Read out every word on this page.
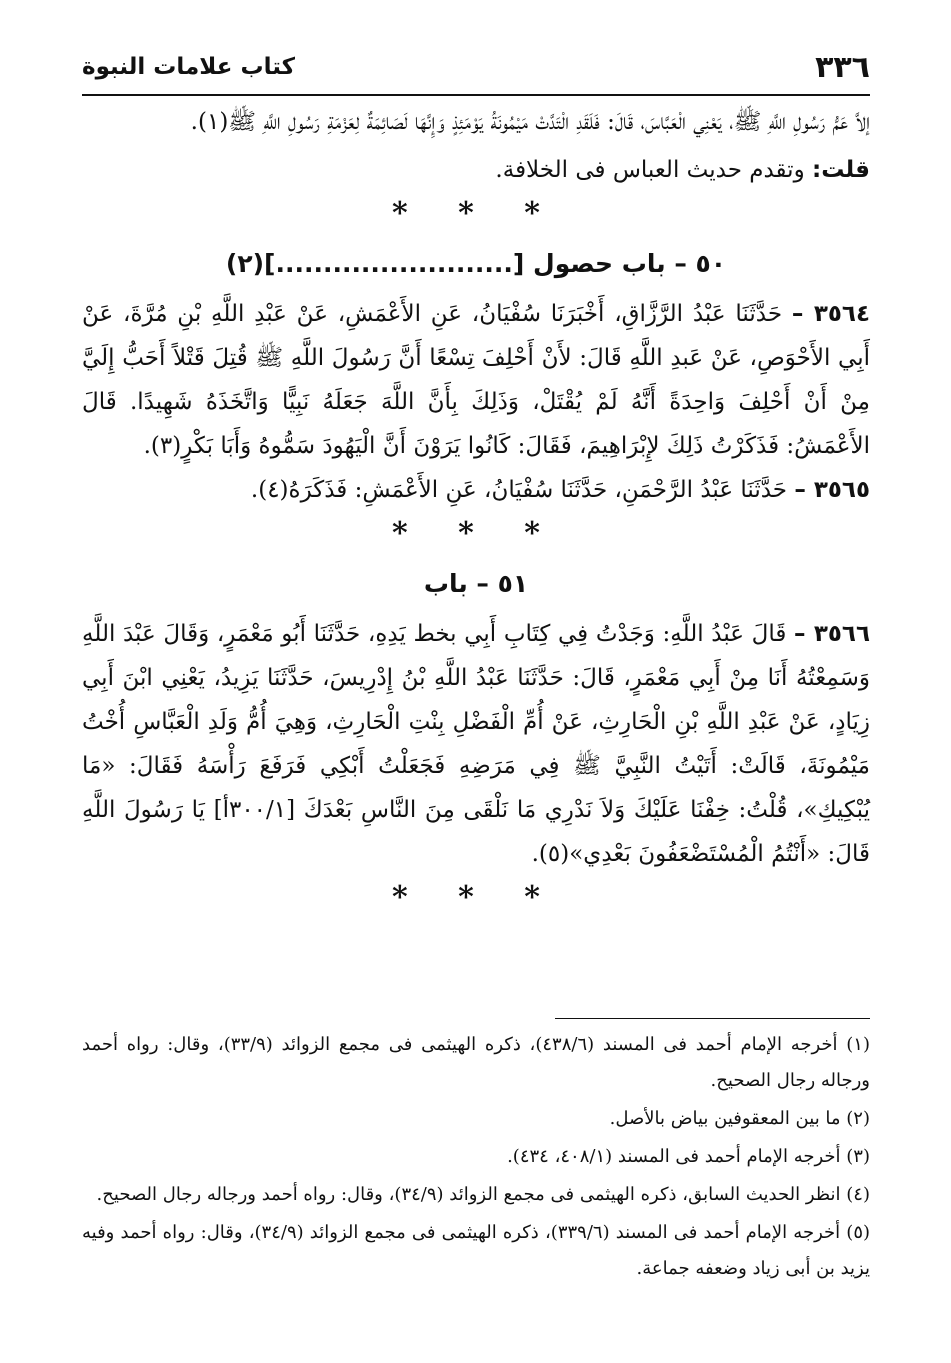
٣٣٦
كتاب علامات النبوة

إلاَّ عَمُّ رَسُولِ اللَّهِ ﷺ، يَعْنِي الْعَبَّاسَ، قَالَ: فَلَقَدِ الْتَدَّتْ مَيْمُونَةُ يَوْمَئِذٍ وَإِنَّهَا لَصَائِمَةٌ لِعَزْمَةِ رَسُولِ اللَّهِ ﷺ(١).

قلت: وتقدم حديث العباس فى الخلافة.

* * *
٥٠ – باب حصول [.........................](٢)

٣٥٦٤ – حَدَّثَنَا عَبْدُ الرَّزَّاقِ، أَخْبَرَنَا سُفْيَانُ، عَنِ الأَعْمَشِ، عَنْ عَبْدِ اللَّهِ بْنِ مُرَّةَ، عَنْ أَبِي الأَحْوَصِ، عَنْ عَبدِ اللَّهِ قَالَ: لأَنْ أَحْلِفَ تِسْعًا أَنَّ رَسُولَ اللَّهِ ﷺ قُتِلَ قَتْلاً أَحَبُّ إِلَيَّ مِنْ أَنْ أَحْلِفَ وَاحِدَةً أَنَّهُ لَمْ يُقْتَلْ، وَذَلِكَ بِأَنَّ اللَّهَ جَعَلَهُ نَبِيًّا وَاتَّخَذَهُ شَهِيدًا. قَالَ الأَعْمَشُ: فَذَكَرْتُ ذَلِكَ لإِبْرَاهِيمَ، فَقَالَ: كَانُوا يَرَوْنَ أَنَّ الْيَهُودَ سَمُّوهُ وَأَبَا بَكْرٍ(٣).

٣٥٦٥ – حَدَّثَنَا عَبْدُ الرَّحْمَنِ، حَدَّثَنَا سُفْيَانُ، عَنِ الأَعْمَشِ: فَذَكَرَهُ(٤).

* * *
٥١ – باب

٣٥٦٦ – قَالَ عَبْدُ اللَّهِ: وَجَدْتُ فِي كِتَابِ أَبِي بخط يَدِهِ، حَدَّثَنَا أَبُو مَعْمَرٍ، وَقَالَ عَبْدَ اللَّهِ وَسَمِعْتُهُ أَنَا مِنْ أَبِي مَعْمَرٍ، قَالَ: حَدَّثَنَا عَبْدُ اللَّهِ بْنُ إِدْرِيسَ، حَدَّثَنَا يَزِيدُ، يَعْنِي ابْنَ أَبِي زِيَادٍ، عَنْ عَبْدِ اللَّهِ بْنِ الْحَارِثِ، عَنْ أُمِّ الْفَضْلِ بِنْتِ الْحَارِثِ، وَهِيَ أُمُّ وَلَدِ الْعَبَّاسِ أُخْتُ مَيْمُونَةَ، قَالَتْ: أَتَيْتُ النَّبِيَّ ﷺ فِي مَرَضِهِ فَجَعَلْتُ أَبْكِي فَرَفَعَ رَأْسَهُ فَقَالَ: «مَا يُبْكِيكِ»، قُلْتُ: خِفْنَا عَلَيْكَ وَلاَ نَدْرِي مَا نَلْقَى مِنَ النَّاسِ بَعْدَكَ [٣٠٠/١أ] يَا رَسُولَ اللَّهِ قَالَ: «أَنْتُمُ الْمُسْتَضْعَفُونَ بَعْدِي»(٥).

* * *

(١) أخرجه الإمام أحمد فى المسند (٤٣٨/٦)، ذكره الهيثمى فى مجمع الزوائد (٣٣/٩)، وقال: رواه أحمد ورجاله رجال الصحيح.

(٢) ما بين المعقوفين بياض بالأصل.

(٣) أخرجه الإمام أحمد فى المسند (٤٠٨/١، ٤٣٤).

(٤) انظر الحديث السابق، ذكره الهيثمى فى مجمع الزوائد (٣٤/٩)، وقال: رواه أحمد ورجاله رجال الصحيح.

(٥) أخرجه الإمام أحمد فى المسند (٣٣٩/٦)، ذكره الهيثمى فى مجمع الزوائد (٣٤/٩)، وقال: رواه أحمد وفيه يزيد بن أبى زياد وضعفه جماعة.
